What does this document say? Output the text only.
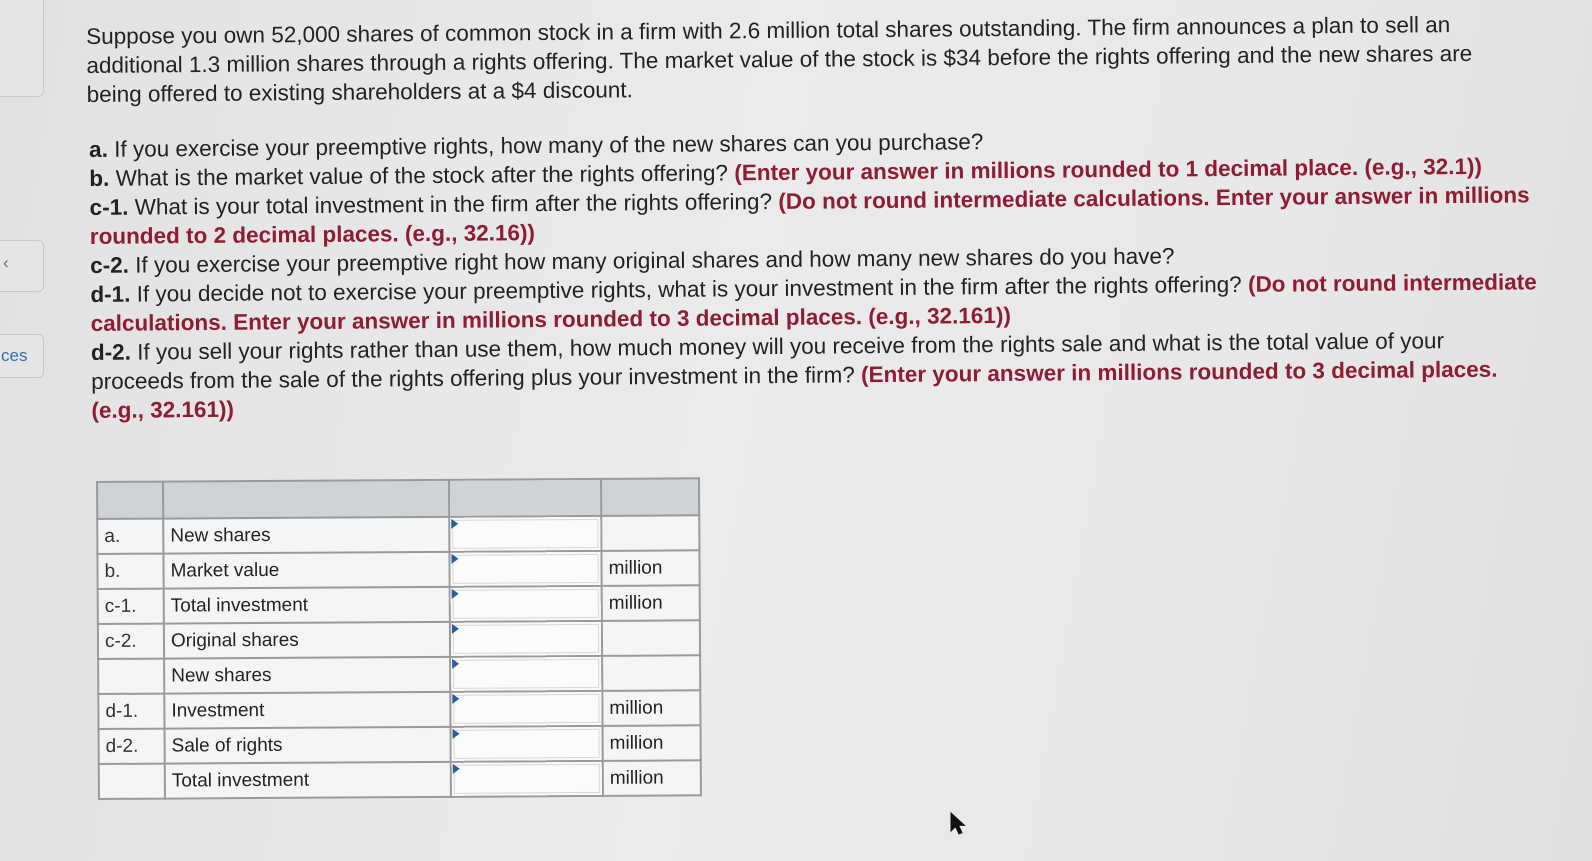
‹
ces

Suppose you own 52,000 shares of common stock in a firm with 2.6 million total shares outstanding. The firm announces a plan to sell an additional 1.3 million shares through a rights offering. The market value of the stock is $34 before the rights offering and the new shares are being offered to existing shareholders at a $4 discount.

a. If you exercise your preemptive rights, how many of the new shares can you purchase?

b. What is the market value of the stock after the rights offering? (Enter your answer in millions rounded to 1 decimal place. (e.g., 32.1))

c-1. What is your total investment in the firm after the rights offering? (Do not round intermediate calculations. Enter your answer in millions rounded to 2 decimal places. (e.g., 32.16))

c-2. If you exercise your preemptive right how many original shares and how many new shares do you have?

d-1. If you decide not to exercise your preemptive rights, what is your investment in the firm after the rights offering? (Do not round intermediate calculations. Enter your answer in millions rounded to 3 decimal places. (e.g., 32.161))

d-2. If you sell your rights rather than use them, how much money will you receive from the rights sale and what is the total value of your proceeds from the sale of the rights offering plus your investment in the firm? (Enter your answer in millions rounded to 3 decimal places. (e.g., 32.161))

a.	New shares	

b.	Market value		million
c-1.	Total investment		million
c-2.	Original shares	

	New shares	

d-1.	Investment		million
d-2.	Sale of rights		million
	Total investment		million
